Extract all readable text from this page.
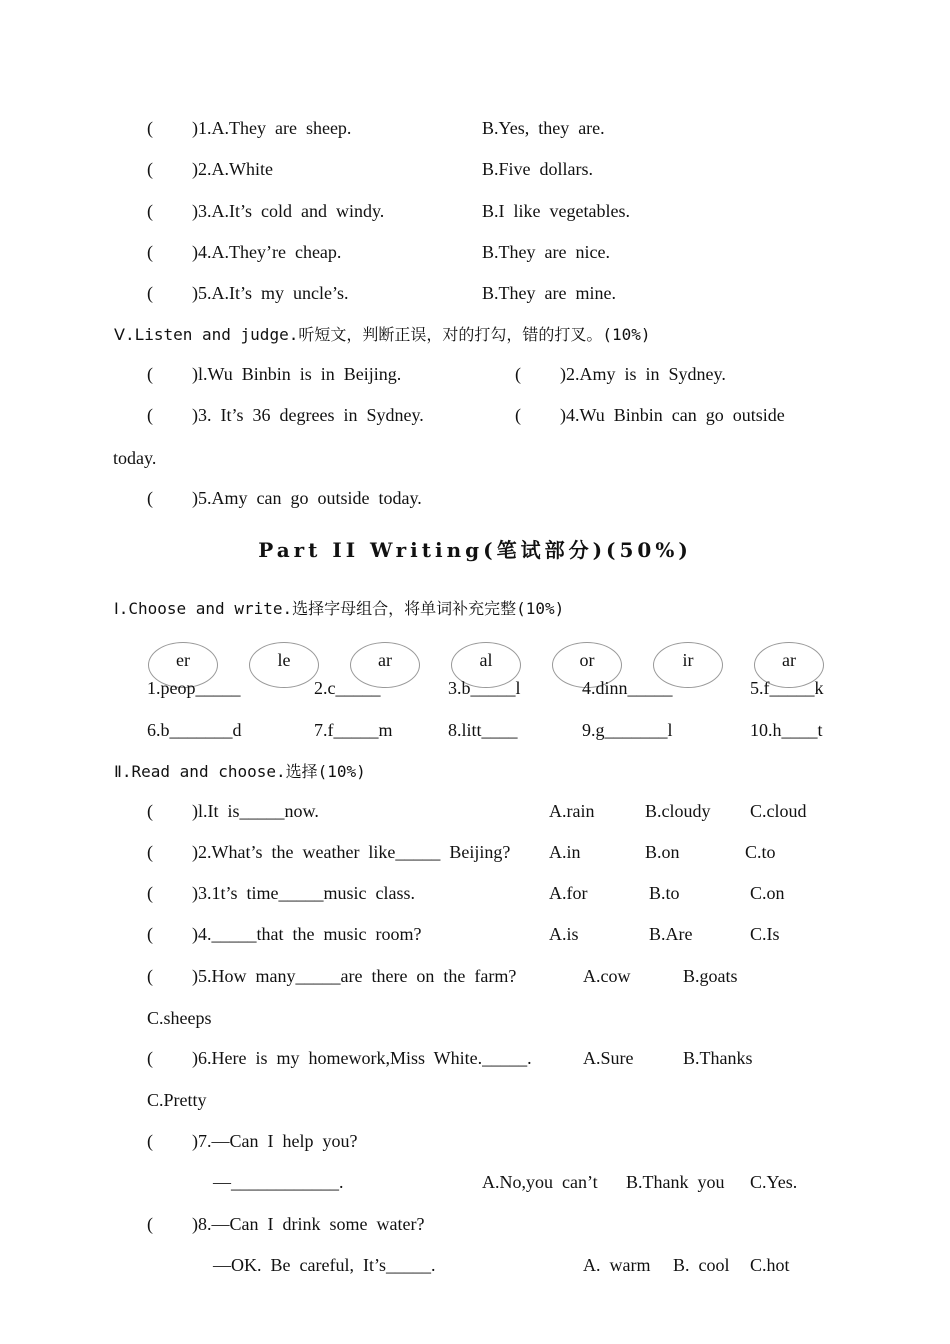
( )1.A.They  are  sheep.	B.Yes,  they  are.
( )2.A.White	B.Five  dollars.
( )3.A.It’s  cold  and  windy.	B.I  like  vegetables.
( )4.A.They’re  cheap.	B.They  are  nice.
( )5.A.It’s  my  uncle’s.	B.They  are  mine.
Ⅴ.Listen and judge.听短文，判断正误，对的打勾，错的打叉。(10%)
( )l.Wu  Binbin  is  in  Beijing.	( )2.Amy  is  in  Sydney.
( )3.  It’s  36  degrees  in  Sydney.	( )4.Wu  Binbin  can  go  outside
today.
( )5.Amy  can  go  outside  today.
Part II Writing(笔试部分)(50%)
Ⅰ.Choose and write.选择字母组合，将单词补充完整(10%)
er	le	ar	al	or	ir	ar
1.peop_____	2.c_____	3.b_____l	4.dinn_____	5.f_____k
6.b_______d	7.f_____m	8.litt____	9.g_______l	10.h____t
Ⅱ.Read and choose.选择(10%)
( )l.It  is_____now.	A.rain	B.cloudy C.cloud
( )2.What’s  the  weather  like_____  Beijing? A.in	B.on	C.to
( )3.1t’s  time_____music  class.	A.for	B.to	C.on
( )4._____that  the  music  room?	A.is	B.Are	C.Is
( )5.How  many_____are  there  on  the  farm?	A.cow	B.goats
C.sheeps
( )6.Here  is  my  homework,Miss  White._____.	A.Sure	B.Thanks
C.Pretty
( )7.—Can  I  help  you?
—____________.	A.No,you  can’t B.Thank  you C.Yes.
( )8.—Can  I  drink  some  water?
—OK.  Be  careful,  It’s_____.	A.  warm B.  cool C.hot
